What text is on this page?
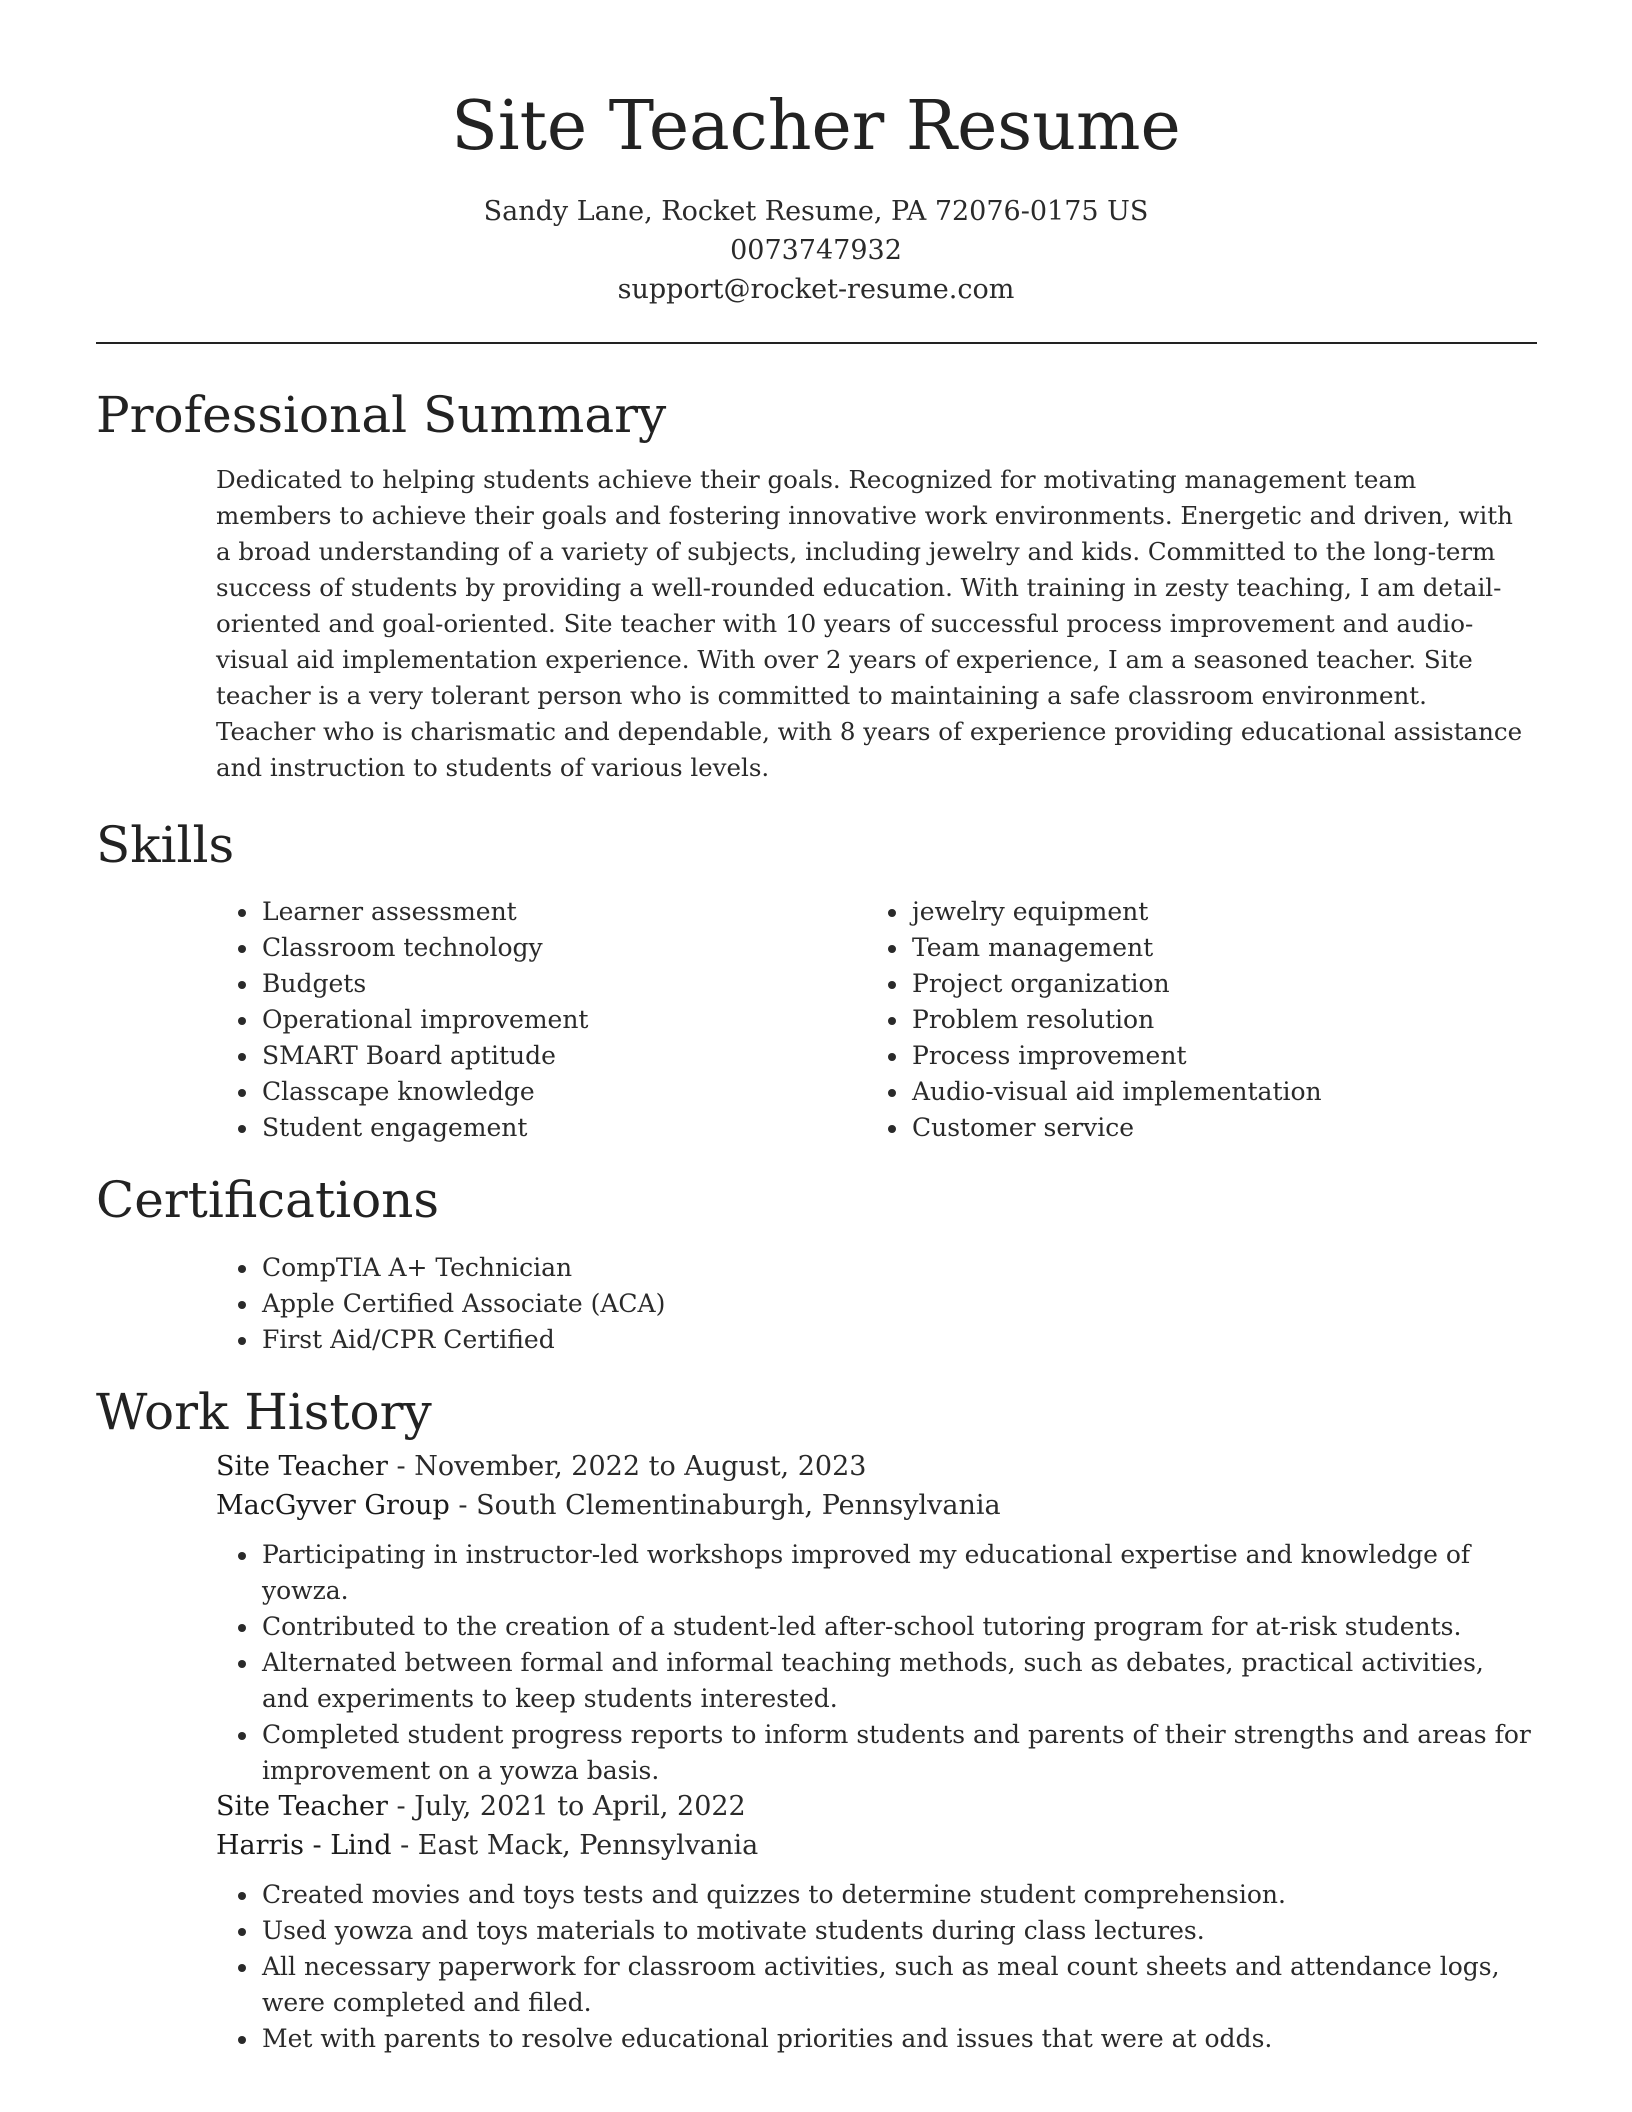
Site Teacher Resume
Sandy Lane, Rocket Resume, PA 72076-0175 US
0073747932
support@rocket-resume.com
Professional Summary

Dedicated to helping students achieve their goals. Recognized for motivating management team members to achieve their goals and fostering innovative work environments. Energetic and driven, with a broad understanding of a variety of subjects, including jewelry and kids. Committed to the long-term success of students by providing a well-rounded education. With training in zesty teaching, I am detail-oriented and goal-oriented. Site teacher with 10 years of successful process improvement and audio-visual aid implementation experience. With over 2 years of experience, I am a seasoned teacher. Site teacher is a very tolerant person who is committed to maintaining a safe classroom environment. Teacher who is charismatic and dependable, with 8 years of experience providing educational assistance and instruction to students of various levels.

Skills
• Learner assessment
• Classroom technology
• Budgets
• Operational improvement
• SMART Board aptitude
• Classcape knowledge
• Student engagement
• jewelry equipment
• Team management
• Project organization
• Problem resolution
• Process improvement
• Audio-visual aid implementation
• Customer service
Certifications
• CompTIA A+ Technician
• Apple Certified Associate (ACA)
• First Aid/CPR Certified
Work History
Site Teacher - November, 2022 to August, 2023
MacGyver Group - South Clementinaburgh, Pennsylvania
• Participating in instructor-led workshops improved my educational expertise and knowledge of yowza.
• Contributed to the creation of a student-led after-school tutoring program for at-risk students.
• Alternated between formal and informal teaching methods, such as debates, practical activities, and experiments to keep students interested.
• Completed student progress reports to inform students and parents of their strengths and areas for improvement on a yowza basis.
Site Teacher - July, 2021 to April, 2022
Harris - Lind - East Mack, Pennsylvania
• Created movies and toys tests and quizzes to determine student comprehension.
• Used yowza and toys materials to motivate students during class lectures.
• All necessary paperwork for classroom activities, such as meal count sheets and attendance logs, were completed and filed.
• Met with parents to resolve educational priorities and issues that were at odds.
